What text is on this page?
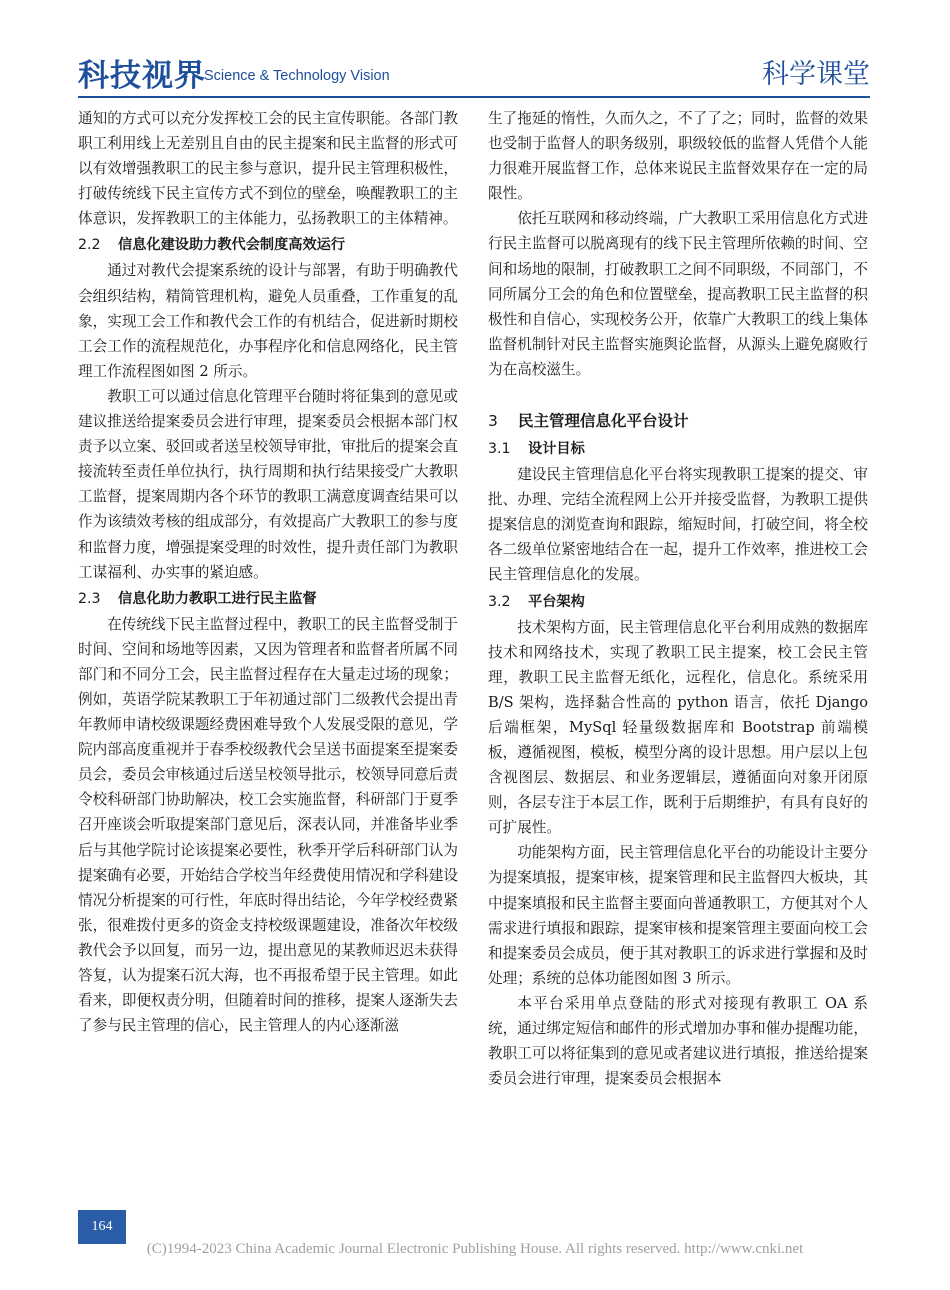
科技视界
Science & Technology Vision	科学课堂

通知的方式可以充分发挥校工会的民主宣传职能。各部门教职工利用线上无差别且自由的民主提案和民主监督的形式可以有效增强教职工的民主参与意识，提升民主管理积极性，打破传统线下民主宣传方式不到位的壁垒，唤醒教职工的主体意识，发挥教职工的主体能力，弘扬教职工的主体精神。

2.2 信息化建设助力教代会制度高效运行

通过对教代会提案系统的设计与部署，有助于明确教代会组织结构，精简管理机构，避免人员重叠，工作重复的乱象，实现工会工作和教代会工作的有机结合，促进新时期校工会工作的流程规范化，办事程序化和信息网络化，民主管理工作流程图如图 2 所示。

教职工可以通过信息化管理平台随时将征集到的意见或建议推送给提案委员会进行审理，提案委员会根据本部门权责予以立案、驳回或者送呈校领导审批，审批后的提案会直接流转至责任单位执行，执行周期和执行结果接受广大教职工监督，提案周期内各个环节的教职工满意度调查结果可以作为该绩效考核的组成部分，有效提高广大教职工的参与度和监督力度，增强提案受理的时效性，提升责任部门为教职工谋福利、办实事的紧迫感。

2.3 信息化助力教职工进行民主监督

在传统线下民主监督过程中，教职工的民主监督受制于时间、空间和场地等因素，又因为管理者和监督者所属不同部门和不同分工会，民主监督过程存在大量走过场的现象；例如，英语学院某教职工于年初通过部门二级教代会提出青年教师申请校级课题经费困难导致个人发展受限的意见，学院内部高度重视并于春季校级教代会呈送书面提案至提案委员会，委员会审核通过后送呈校领导批示，校领导同意后责令校科研部门协助解决，校工会实施监督，科研部门于夏季召开座谈会听取提案部门意见后，深表认同，并准备毕业季后与其他学院讨论该提案必要性，秋季开学后科研部门认为提案确有必要，开始结合学校当年经费使用情况和学科建设情况分析提案的可行性，年底时得出结论，今年学校经费紧张，很难拨付更多的资金支持校级课题建设，准备次年校级教代会予以回复，而另一边，提出意见的某教师迟迟未获得答复，认为提案石沉大海，也不再报希望于民主管理。如此看来，即便权责分明，但随着时间的推移，提案人逐渐失去了参与民主管理的信心，民主管理人的内心逐渐滋

生了拖延的惰性，久而久之，不了了之；同时，监督的效果也受制于监督人的职务级别，职级较低的监督人凭借个人能力很难开展监督工作，总体来说民主监督效果存在一定的局限性。

依托互联网和移动终端，广大教职工采用信息化方式进行民主监督可以脱离现有的线下民主管理所依赖的时间、空间和场地的限制，打破教职工之间不同职级，不同部门，不同所属分工会的角色和位置壁垒，提高教职工民主监督的积极性和自信心，实现校务公开，依靠广大教职工的线上集体监督机制针对民主监督实施舆论监督，从源头上避免腐败行为在高校滋生。

3 民主管理信息化平台设计

3.1 设计目标

建设民主管理信息化平台将实现教职工提案的提交、审批、办理、完结全流程网上公开并接受监督，为教职工提供提案信息的浏览查询和跟踪，缩短时间，打破空间，将全校各二级单位紧密地结合在一起，提升工作效率，推进校工会民主管理信息化的发展。

3.2 平台架构

技术架构方面，民主管理信息化平台利用成熟的数据库技术和网络技术，实现了教职工民主提案，校工会民主管理，教职工民主监督无纸化，远程化，信息化。系统采用 B/S 架构，选择黏合性高的 python 语言，依托 Django 后端框架，MySql 轻量级数据库和 Bootstrap 前端模板，遵循视图，模板，模型分离的设计思想。用户层以上包含视图层、数据层、和业务逻辑层，遵循面向对象开闭原则，各层专注于本层工作，既利于后期维护，有具有良好的可扩展性。

功能架构方面，民主管理信息化平台的功能设计主要分为提案填报，提案审核，提案管理和民主监督四大板块，其中提案填报和民主监督主要面向普通教职工，方便其对个人需求进行填报和跟踪，提案审核和提案管理主要面向校工会和提案委员会成员，便于其对教职工的诉求进行掌握和及时处理；系统的总体功能图如图 3 所示。

本平台采用单点登陆的形式对接现有教职工 OA 系统，通过绑定短信和邮件的形式增加办事和催办提醒功能，教职工可以将征集到的意见或者建议进行填报，推送给提案委员会进行审理，提案委员会根据本

164
(C)1994-2023 China Academic Journal Electronic Publishing House. All rights reserved. http://www.cnki.net
